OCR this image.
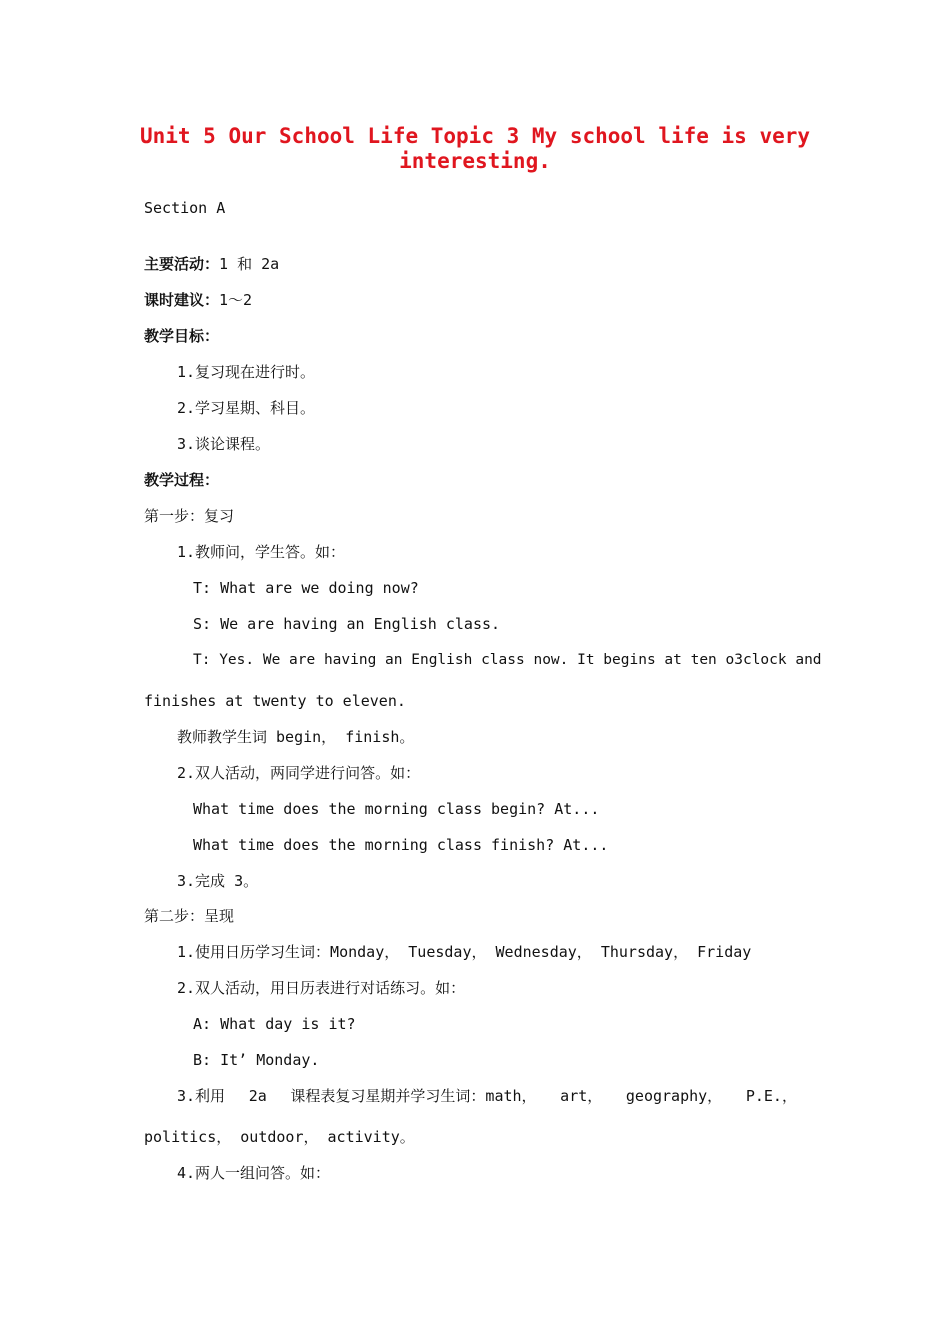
Unit 5 Our School Life Topic 3 My school life is very interesting.
Section A
主要活动：1 和 2a
课时建议：1～2
教学目标：
1.复习现在进行时。
2.学习星期、科目。
3.谈论课程。
教学过程：
第一步：复习
1.教师问，学生答。如：
T: What are we doing now?
S: We are having an English class.
T: Yes. We are having an English class now. It begins at ten o3clock and
finishes at twenty to eleven.
教师教学生词 begin， finish。
2.双人活动，两同学进行问答。如：
What time does the morning class begin? At...
What time does the morning class finish? At...
3.完成 3。
第二步：呈现
1.使用日历学习生词：Monday， Tuesday， Wednesday， Thursday， Friday
2.双人活动，用日历表进行对话练习。如：
A: What day is it?
B: It’ Monday.
3.利用 2a 课程表复习星期并学习生词：math， art， geography， P.E.，
politics， outdoor， activity。
4.两人一组问答。如：
